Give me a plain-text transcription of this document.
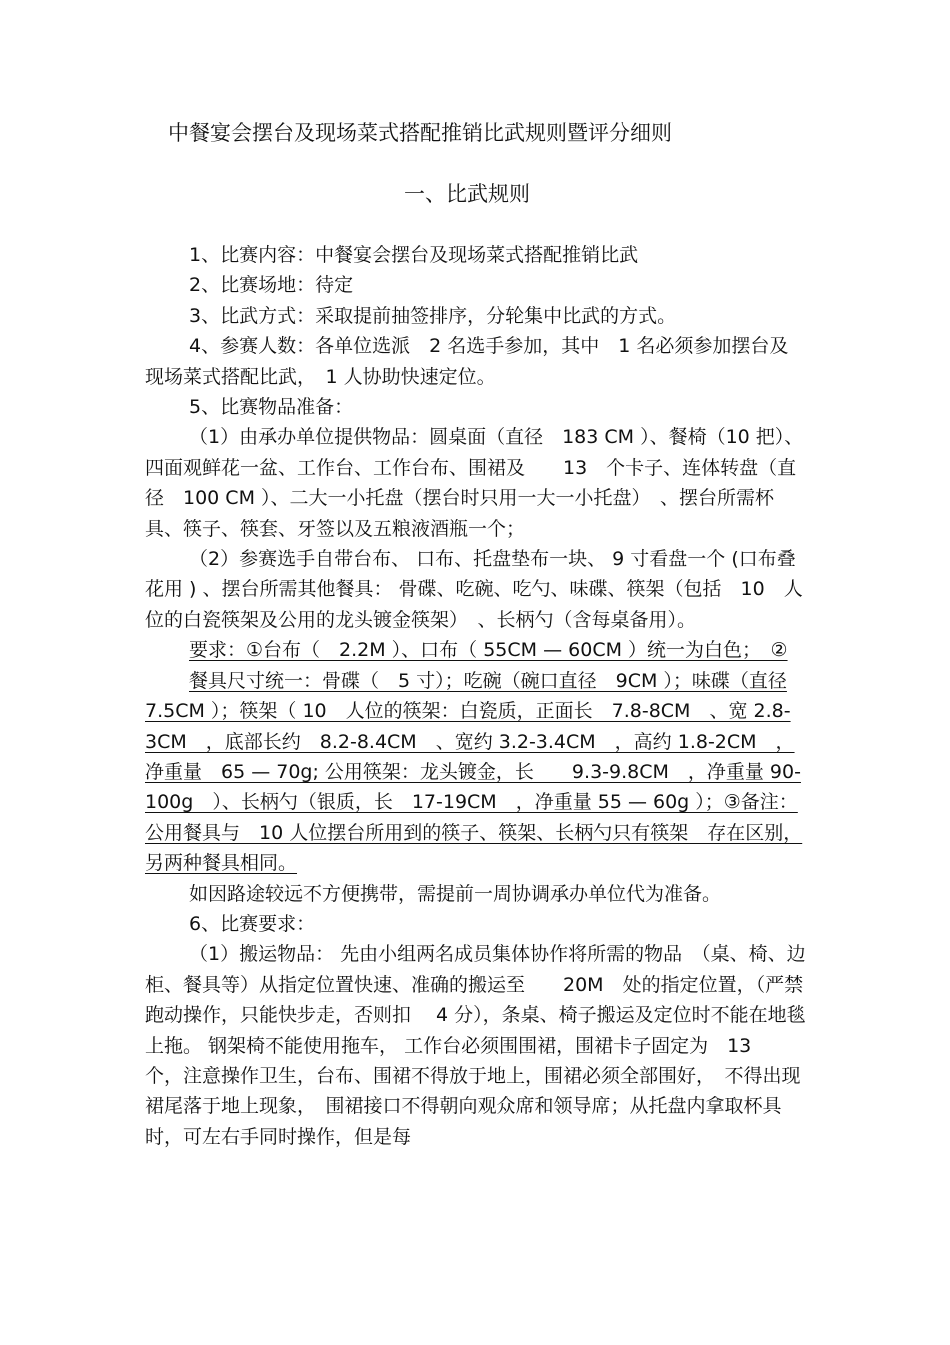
中餐宴会摆台及现场菜式搭配推销比武规则暨评分细则
一、比武规则

1、比赛内容：中餐宴会摆台及现场菜式搭配推销比武

2、比赛场地：待定

3、比武方式：采取提前抽签排序，分轮集中比武的方式。

4、参赛人数：各单位选派　2 名选手参加，其中　1 名必须参加摆台及现场菜式搭配比武，　1 人协助快速定位。

5、比赛物品准备：

（1）由承办单位提供物品：圆桌面（直径　183 CM ）、餐椅（10 把）、四面观鲜花一盆、工作台、工作台布、围裙及　　13　个卡子、连体转盘（直径　100 CM ）、二大一小托盘（摆台时只用一大一小托盘）　、摆台所需杯具、筷子、筷套、牙签以及五粮液酒瓶一个；

（2）参赛选手自带台布、 口布、托盘垫布一块、 9 寸看盘一个 (口布叠花用 ) 、摆台所需其他餐具： 骨碟、吃碗、吃勺、味碟、筷架（包括　10　人位的白瓷筷架及公用的龙头镀金筷架）　、长柄勺（含每桌备用）。

要求：①台布（　2.2M ）、口布（ 55CM — 60CM ）统一为白色；　②

餐具尺寸统一：骨碟（　5 寸）；吃碗（碗口直径　9CM ）；味碟（直径 7.5CM ）；筷架（ 10　人位的筷架：白瓷质，正面长　7.8-8CM　、宽 2.8-3CM　，底部长约　8.2-8.4CM　、宽约 3.2-3.4CM　，高约 1.8-2CM　，净重量　65 — 70g; 公用筷架：龙头镀金，长　　9.3-9.8CM　，净重量 90-100g　）、长柄勺（银质，长　17-19CM　，净重量 55 — 60g ）；③备注：公用餐具与　10 人位摆台所用到的筷子、筷架、长柄勺只有筷架　存在区别，另两种餐具相同。

如因路途较远不方便携带，需提前一周协调承办单位代为准备。

6、比赛要求：

（1）搬运物品： 先由小组两名成员集体协作将所需的物品　（桌、椅、边柜、餐具等）从指定位置快速、准确的搬运至　　20M　处的指定位置，（严禁跑动操作，只能快步走，否则扣　 4 分），条桌、椅子搬运及定位时不能在地毯上拖。 钢架椅不能使用拖车， 工作台必须围围裙，围裙卡子固定为　13　个，注意操作卫生，台布、围裙不得放于地上，围裙必须全部围好，　不得出现裙尾落于地上现象，　围裙接口不得朝向观众席和领导席；从托盘内拿取杯具时，可左右手同时操作，但是每
